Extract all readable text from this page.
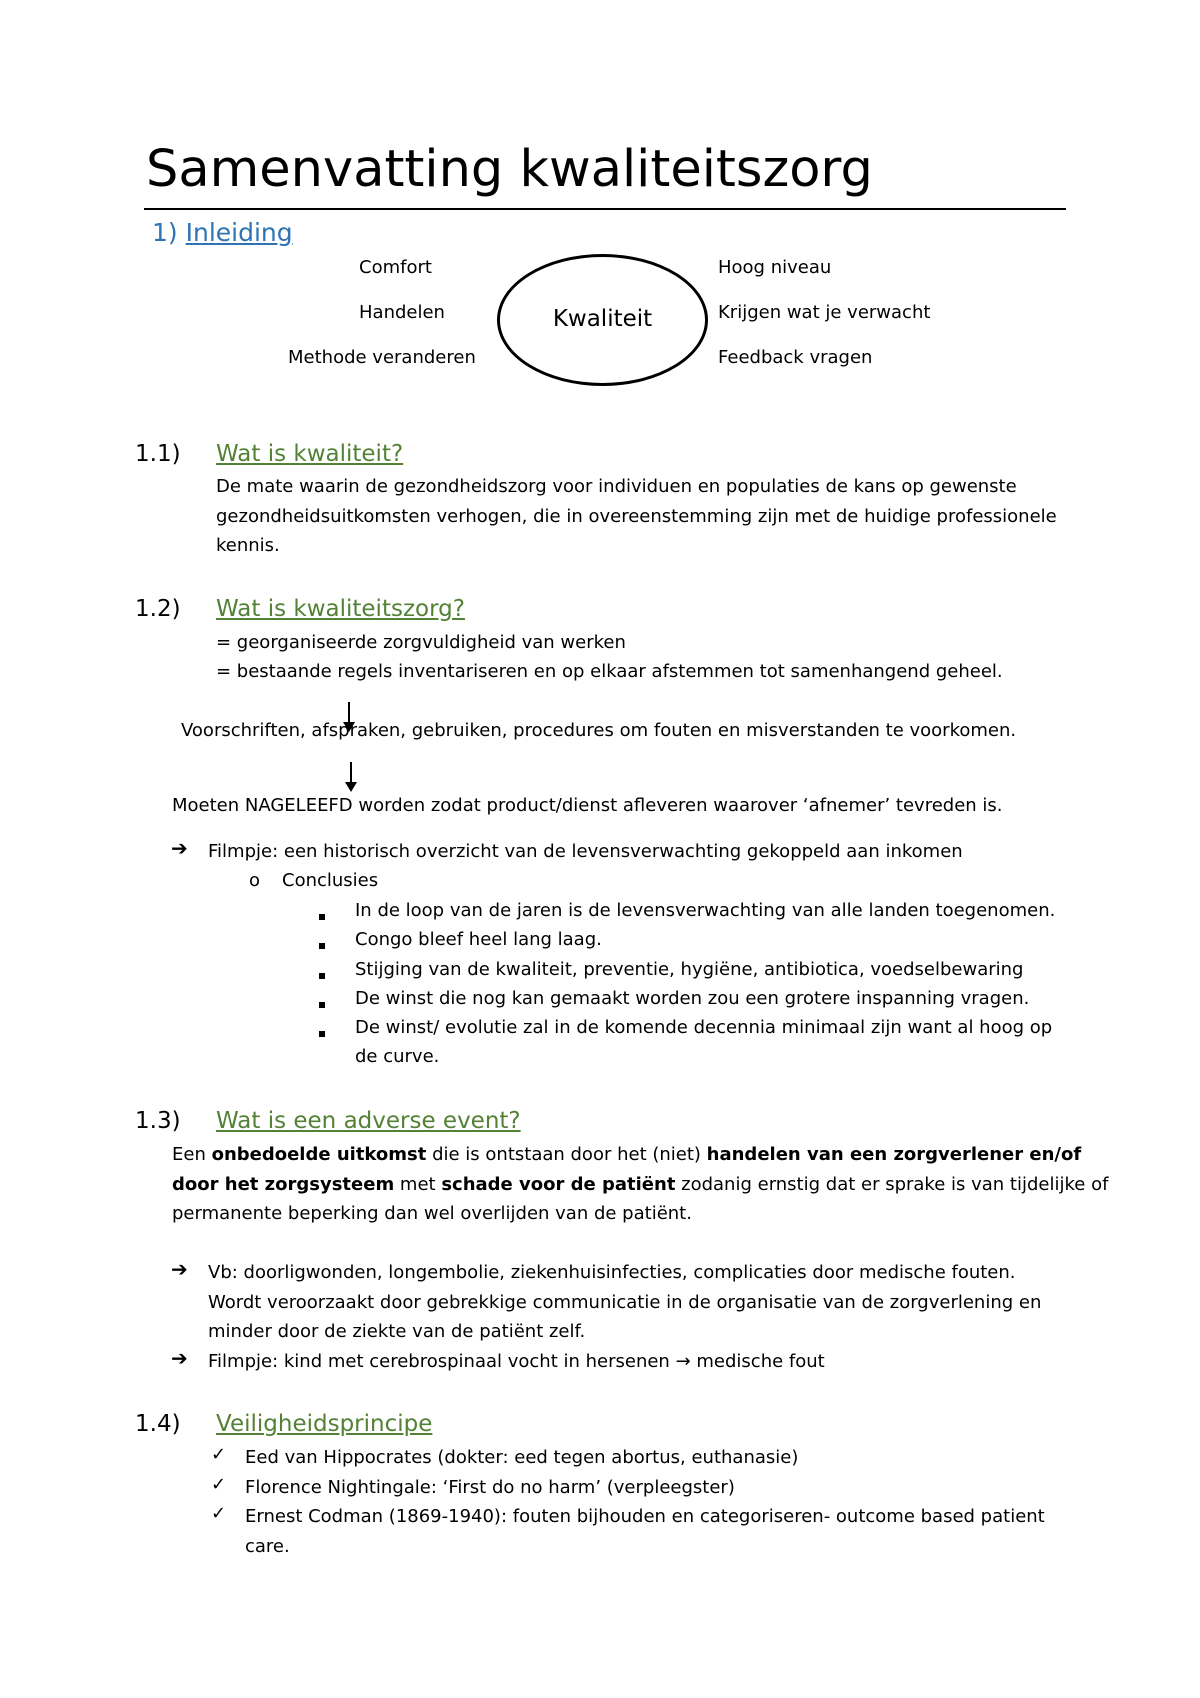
Samenvatting kwaliteitszorg
1) Inleiding
Kwaliteit
Comfort
Handelen
Methode veranderen
Hoog niveau
Krijgen wat je verwacht
Feedback vragen
1.1) Wat is kwaliteit?
De mate waarin de gezondheidszorg voor individuen en populaties de kans op gewenste
gezondheidsuitkomsten verhogen, die in overeenstemming zijn met de huidige professionele
kennis.
1.2) Wat is kwaliteitszorg?
= georganiseerde zorgvuldigheid van werken
= bestaande regels inventariseren en op elkaar afstemmen tot samenhangend geheel.
Voorschriften, afspraken, gebruiken, procedures om fouten en misverstanden te voorkomen.
Moeten NAGELEEFD worden zodat product/dienst afleveren waarover ‘afnemer’ tevreden is.
➔ Filmpje: een historisch overzicht van de levensverwachting gekoppeld aan inkomen
o Conclusies
In de loop van de jaren is de levensverwachting van alle landen toegenomen.
Congo bleef heel lang laag.
Stijging van de kwaliteit, preventie, hygiëne, antibiotica, voedselbewaring
De winst die nog kan gemaakt worden zou een grotere inspanning vragen.
De winst/ evolutie zal in de komende decennia minimaal zijn want al hoog op
de curve.
1.3) Wat is een adverse event?
Een onbedoelde uitkomst die is ontstaan door het (niet) handelen van een zorgverlener en/of
door het zorgsysteem met schade voor de patiënt zodanig ernstig dat er sprake is van tijdelijke of
permanente beperking dan wel overlijden van de patiënt.
➔ Vb: doorligwonden, longembolie, ziekenhuisinfecties, complicaties door medische fouten.
Wordt veroorzaakt door gebrekkige communicatie in de organisatie van de zorgverlening en
minder door de ziekte van de patiënt zelf.
➔ Filmpje: kind met cerebrospinaal vocht in hersenen → medische fout
1.4) Veiligheidsprincipe
✓ Eed van Hippocrates (dokter: eed tegen abortus, euthanasie)
✓ Florence Nightingale: ‘First do no harm’ (verpleegster)
✓ Ernest Codman (1869-1940): fouten bijhouden en categoriseren- outcome based patient
care.
